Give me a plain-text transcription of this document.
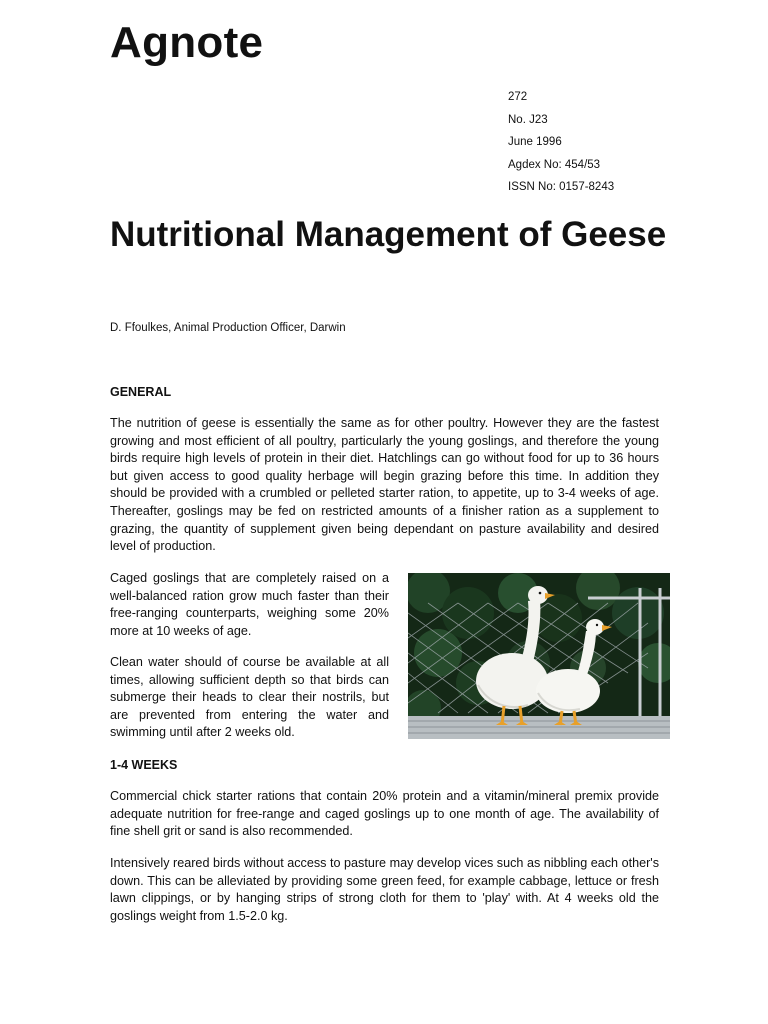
Agnote
272
No. J23
June 1996
Agdex No: 454/53
ISSN No: 0157-8243
Nutritional Management of Geese
D. Ffoulkes, Animal Production Officer, Darwin
GENERAL

The nutrition of geese is essentially the same as for other poultry. However they are the fastest growing and most efficient of all poultry, particularly the young goslings, and therefore the young birds require high levels of protein in their diet. Hatchlings can go without food for up to 36 hours but given access to good quality herbage will begin grazing before this time. In addition they should be provided with a crumbled or pelleted starter ration, to appetite, up to 3-4 weeks of age. Thereafter, goslings may be fed on restricted amounts of a finisher ration as a supplement to grazing, the quantity of supplement given being dependant on pasture availability and desired level of production.

Caged goslings that are completely raised on a well-balanced ration grow much faster than their free-ranging counterparts, weighing some 20% more at 10 weeks of age.

Clean water should of course be available at all times, allowing sufficient depth so that birds can submerge their heads to clear their nostrils, but are prevented from entering the water and swimming until after 2 weeks old.

1-4 WEEKS

Commercial chick starter rations that contain 20% protein and a vitamin/mineral premix provide adequate nutrition for free-range and caged goslings up to one month of age. The availability of fine shell grit or sand is also recommended.

Intensively reared birds without access to pasture may develop vices such as nibbling each other's down. This can be alleviated by providing some green feed, for example cabbage, lettuce or fresh lawn clippings, or by hanging strips of strong cloth for them to 'play' with. At 4 weeks old the goslings weight from 1.5-2.0 kg.
